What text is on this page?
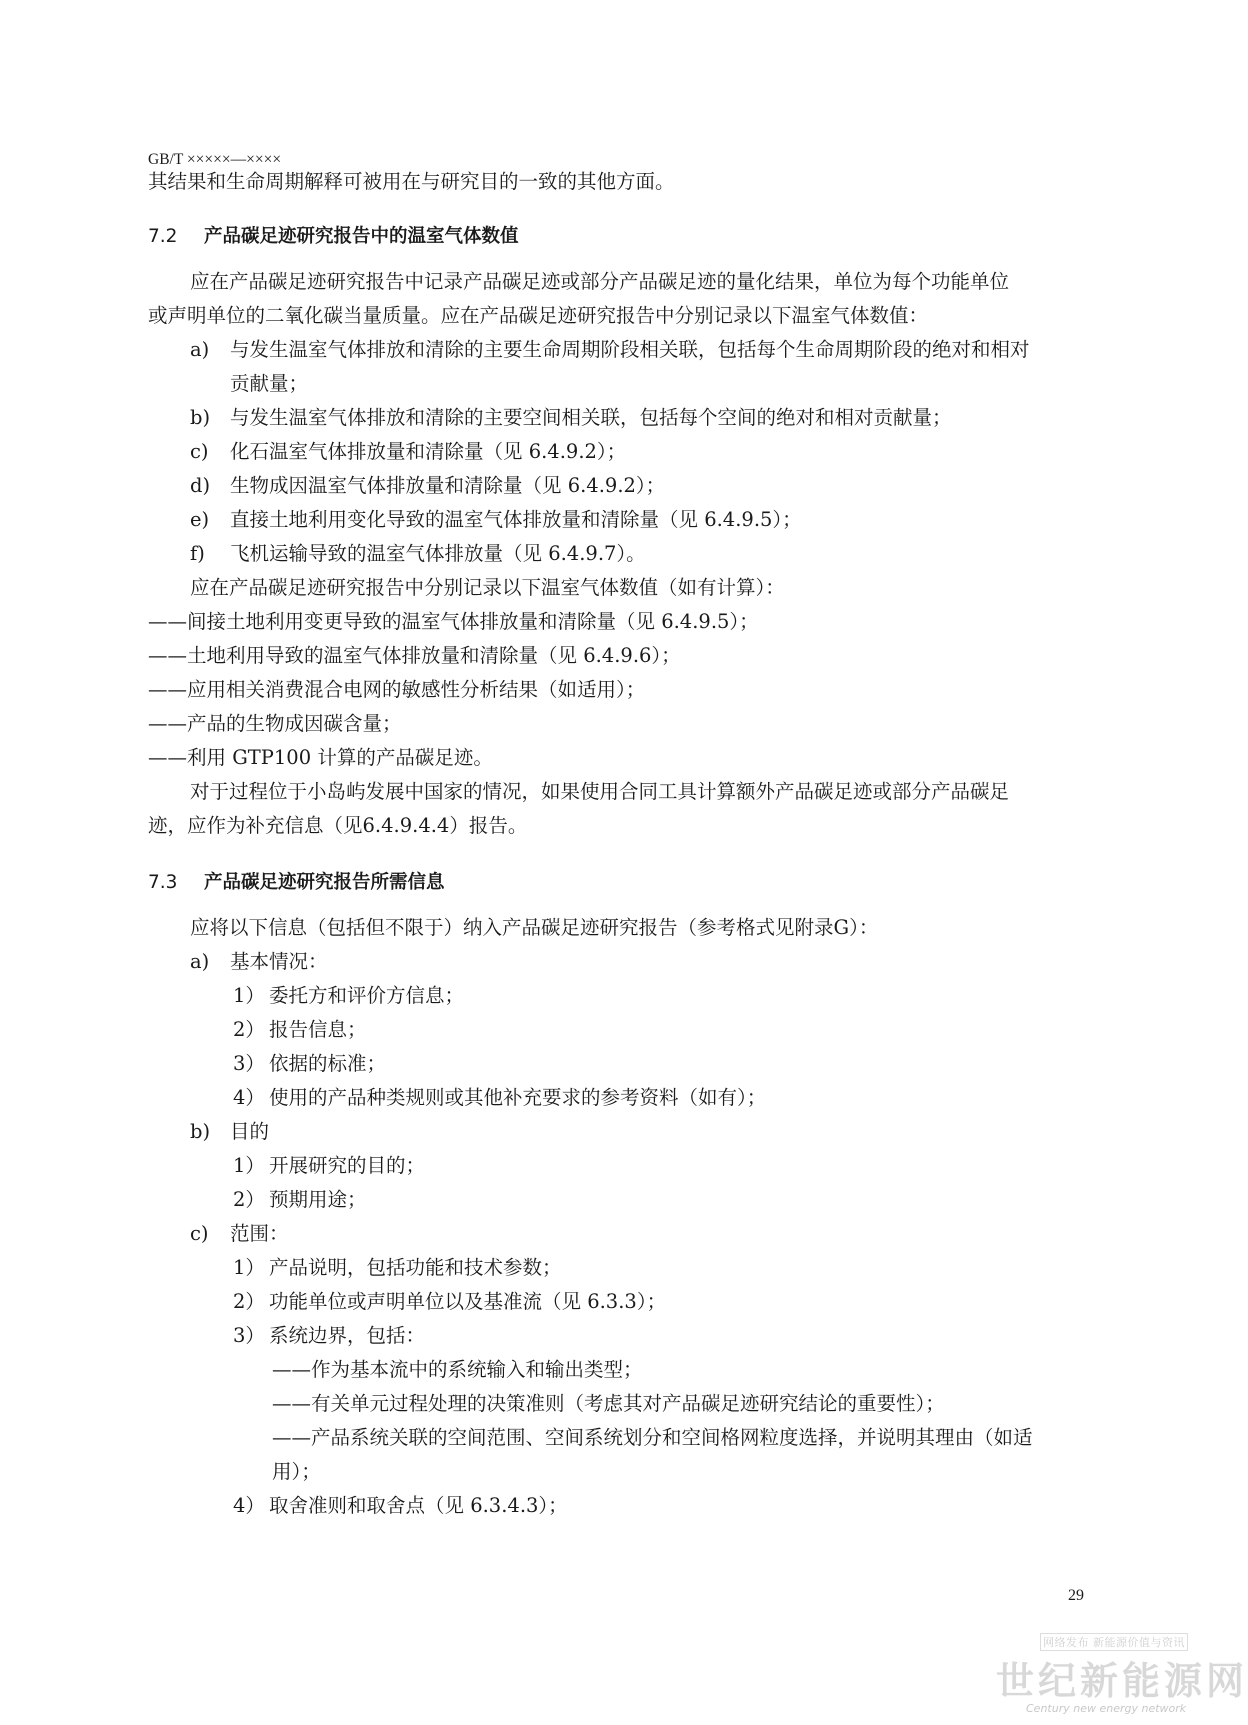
GB/T ×××××—××××
其结果和生命周期解释可被用在与研究目的一致的其他方面。
7.2 产品碳足迹研究报告中的温室气体数值
应在产品碳足迹研究报告中记录产品碳足迹或部分产品碳足迹的量化结果，单位为每个功能单位
或声明单位的二氧化碳当量质量。应在产品碳足迹研究报告中分别记录以下温室气体数值：
a) 与发生温室气体排放和清除的主要生命周期阶段相关联，包括每个生命周期阶段的绝对和相对
贡献量；
b) 与发生温室气体排放和清除的主要空间相关联，包括每个空间的绝对和相对贡献量；
c) 化石温室气体排放量和清除量（见 6.4.9.2）；
d) 生物成因温室气体排放量和清除量（见 6.4.9.2）；
e) 直接土地利用变化导致的温室气体排放量和清除量（见 6.4.9.5）；
f) 飞机运输导致的温室气体排放量（见 6.4.9.7）。
应在产品碳足迹研究报告中分别记录以下温室气体数值（如有计算）：
——间接土地利用变更导致的温室气体排放量和清除量（见 6.4.9.5）；
——土地利用导致的温室气体排放量和清除量（见 6.4.9.6）；
——应用相关消费混合电网的敏感性分析结果（如适用）；
——产品的生物成因碳含量；
——利用 GTP100 计算的产品碳足迹。
对于过程位于小岛屿发展中国家的情况，如果使用合同工具计算额外产品碳足迹或部分产品碳足
迹，应作为补充信息（见6.4.9.4.4）报告。
7.3 产品碳足迹研究报告所需信息
应将以下信息（包括但不限于）纳入产品碳足迹研究报告（参考格式见附录G）：
a) 基本情况：
1） 委托方和评价方信息；
2） 报告信息；
3） 依据的标准；
4） 使用的产品种类规则或其他补充要求的参考资料（如有）；
b) 目的
1） 开展研究的目的；
2） 预期用途；
c) 范围：
1） 产品说明，包括功能和技术参数；
2） 功能单位或声明单位以及基准流（见 6.3.3）；
3） 系统边界，包括：
——作为基本流中的系统输入和输出类型；
——有关单元过程处理的决策准则（考虑其对产品碳足迹研究结论的重要性）；
——产品系统关联的空间范围、空间系统划分和空间格网粒度选择，并说明其理由（如适
用）；
4） 取舍准则和取舍点（见 6.3.4.3）；
29
网络发布 新能源价值与资讯
世纪新能源网
Century new energy network
